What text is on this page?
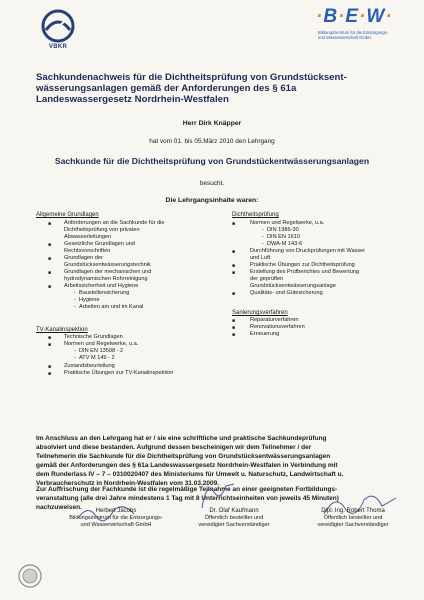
VBKR
·B·E·W·
Bildungszentrum für die Entsorgungs-
und Wasserwirtschaft GmbH
Sachkundenachweis für die Dichtheitsprüfung von Grundstücksent-
wässerungsanlagen gemäß der Anforderungen des § 61a
Landeswassergesetz Nordrhein-Westfalen
Herr Dirk Knäpper
hat vom 01. bis 05.März 2010 den Lehrgang
Sachkunde für die Dichtheitsprüfung von Grundstückentwässerungsanlagen
besucht.
Die Lehrgangsinhalte waren:
Allgemeine Grundlagen
■ Anforderungen an die Sachkunde für die
Dichtheitsprüfung von privaten
Abwasserleitungen
■ Gesetzliche Grundlagen und
Rechtsvorschriften
■ Grundlagen der
Grundstücksentwässerungstechnik
■ Grundlagen der mechanischen und
hydrodynamischen Rohrreinigung
■ Arbeitssicherheit und Hygiene
-  Baustellensicherung
-  Hygiene
-  Arbeiten am und im Kanal
TV-Kanalinspektion
■ Technische Grundlagen
■ Normen und Regelwerke, u.a.
-  DIN EN 13508 - 2
-  ATV M 149 - 2
■ Zustandsbeurteilung
■ Praktische Übungen zur TV-Kanalinspektion
Dichtheitsprüfung
■	Normen und Regelwerke, u.a.
-  DIN 1986-30
-  DIN EN 1610
-  DWA-M 143-6
■	Durchführung von Druckprüfungen mit Wasser
und Luft
■	Praktische Übungen zur Dichtheitsprüfung
■	Erstellung des Prüfberichtes und Bewertung
der geprüften
Grundstücksentwässerungsanlage
■	Qualitäts- und Gütesicherung
Sanierungsverfahren
■	Reparaturverfahren
■	Renovationsverfahren
■	Erneuerung
Im Anschluss an den Lehrgang hat er / sie eine schriftliche und praktische Sachkundeprüfung
absolviert und diese bestanden. Aufgrund dessen bescheinigen wir dem Teilnehmer / der
Teilnehmerin die Sachkunde für die Dichtheitsprüfung von Grundstücksentwässerungsanlagen
gemäß der Anforderungen des § 61a Landeswassergesetz Nordrhein-Westfalen in Verbindung mit
dem Runderlass IV – 7 – 0310020407 des Ministeriums für Umwelt u. Naturschutz, Landwirtschaft u.
Verbraucherschutz in Nordrhein-Westfalen vom 31.03.2009.
Zur Auffrischung der Fachkunde ist die regelmäßige Teilnahme an einer geeigneten Fortbildungs-
veranstaltung (alle drei Jahre mindestens 1 Tag mit 8 Unterrichtseinheiten von jeweils 45 Minuten)
nachzuweisen.	Herbert Jacobs
Bildungszentrum für die Entsorgungs-
und Wasserwirtschaft GmbH
Dr. Olaf Kaufmann
Öffentlich bestellter und
vereidigter Sachverständiger
Dipl. Ing. Robert Thoma
Öffentlich bestellter und
vereidigter Sachverständiger
